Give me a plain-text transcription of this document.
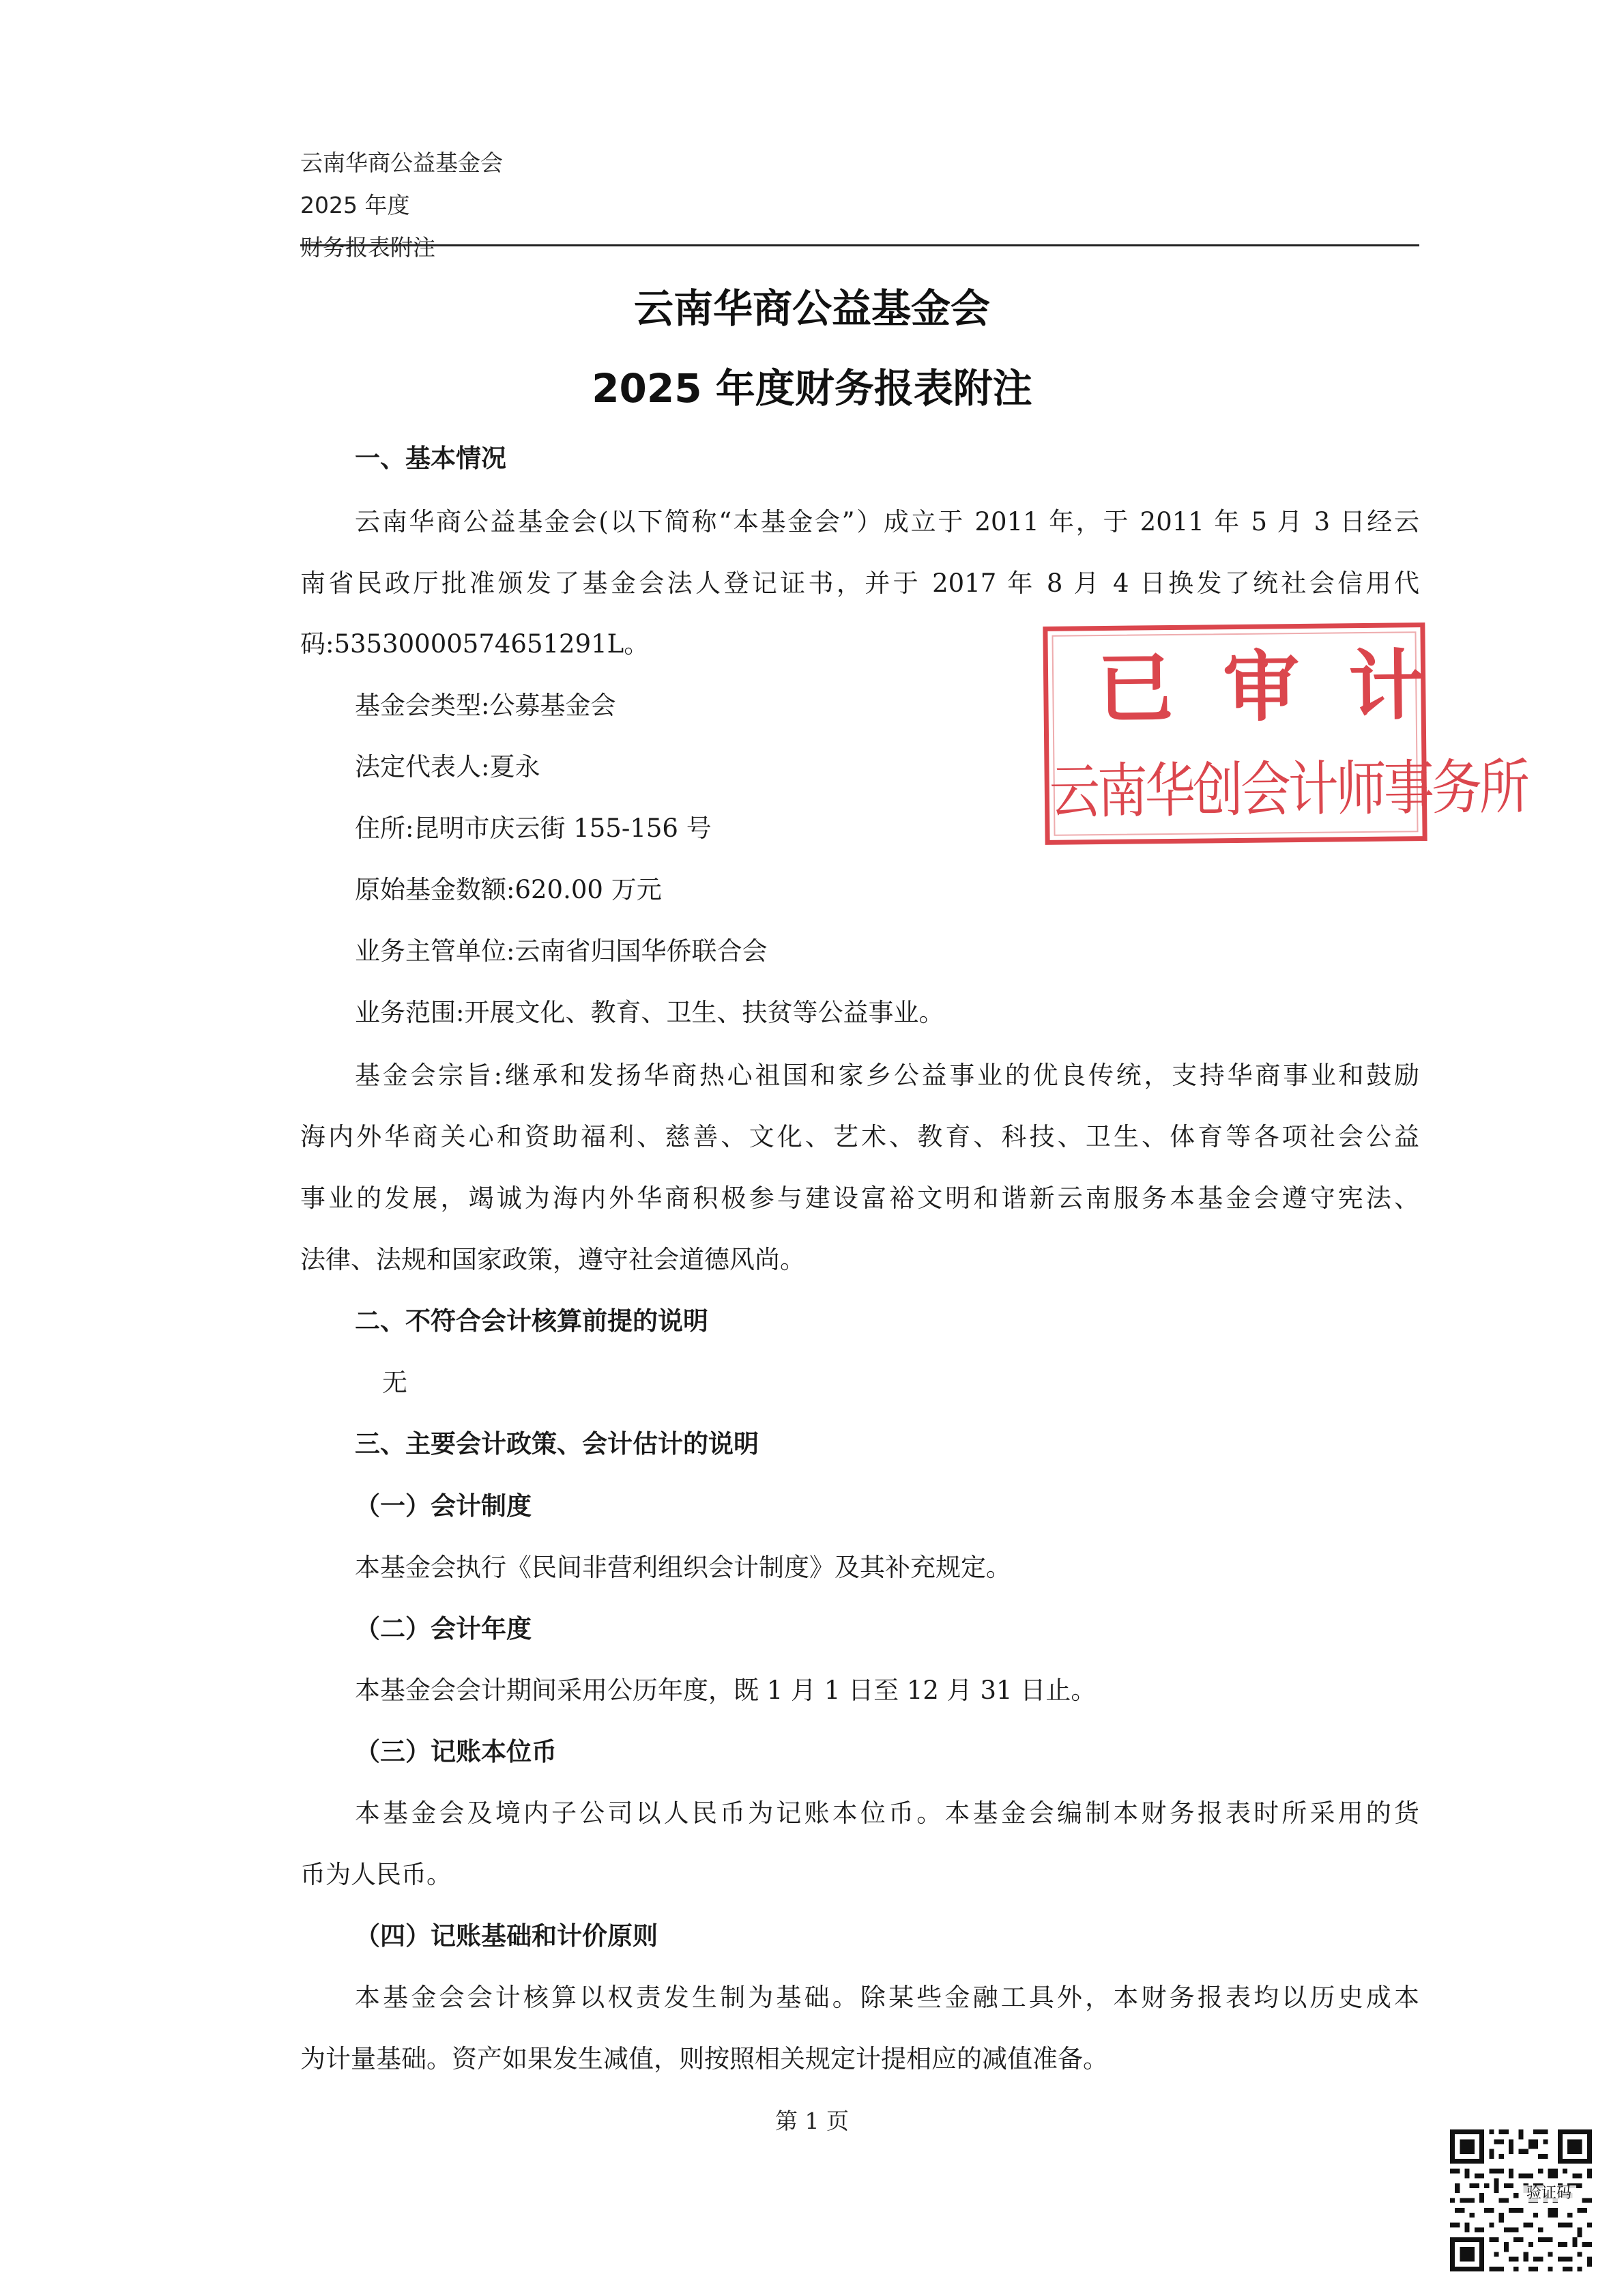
云南华商公益基金会
2025 年度
财务报表附注
云南华商公益基金会
2025 年度财务报表附注
一、基本情况
云南华商公益基金会(以下简称“本基金会”）成立于 2011 年，于 2011 年 5 月 3 日经云
南省民政厅批准颁发了基金会法人登记证书，并于 2017 年 8 月 4 日换发了统社会信用代
码:53530000574651291L。
基金会类型:公募基金会
法定代表人:夏永
住所:昆明市庆云街 155-156 号
原始基金数额:620.00 万元
业务主管单位:云南省归国华侨联合会
业务范围:开展文化、教育、卫生、扶贫等公益事业。
基金会宗旨:继承和发扬华商热心祖国和家乡公益事业的优良传统，支持华商事业和鼓励
海内外华商关心和资助福利、慈善、文化、艺术、教育、科技、卫生、体育等各项社会公益
事业的发展，竭诚为海内外华商积极参与建设富裕文明和谐新云南服务本基金会遵守宪法、
法律、法规和国家政策，遵守社会道德风尚。
二、不符合会计核算前提的说明
无
三、主要会计政策、会计估计的说明
（一）会计制度
本基金会执行《民间非营利组织会计制度》及其补充规定。
（二）会计年度
本基金会会计期间采用公历年度，既 1 月 1 日至 12 月 31 日止。
（三）记账本位币
本基金会及境内子公司以人民币为记账本位币。本基金会编制本财务报表时所采用的货
币为人民币。
（四）记账基础和计价原则
本基金会会计核算以权责发生制为基础。除某些金融工具外，本财务报表均以历史成本
为计量基础。资产如果发生减值，则按照相关规定计提相应的减值准备。
已审计
云南华创会计师事务所
第 1 页
验证码
